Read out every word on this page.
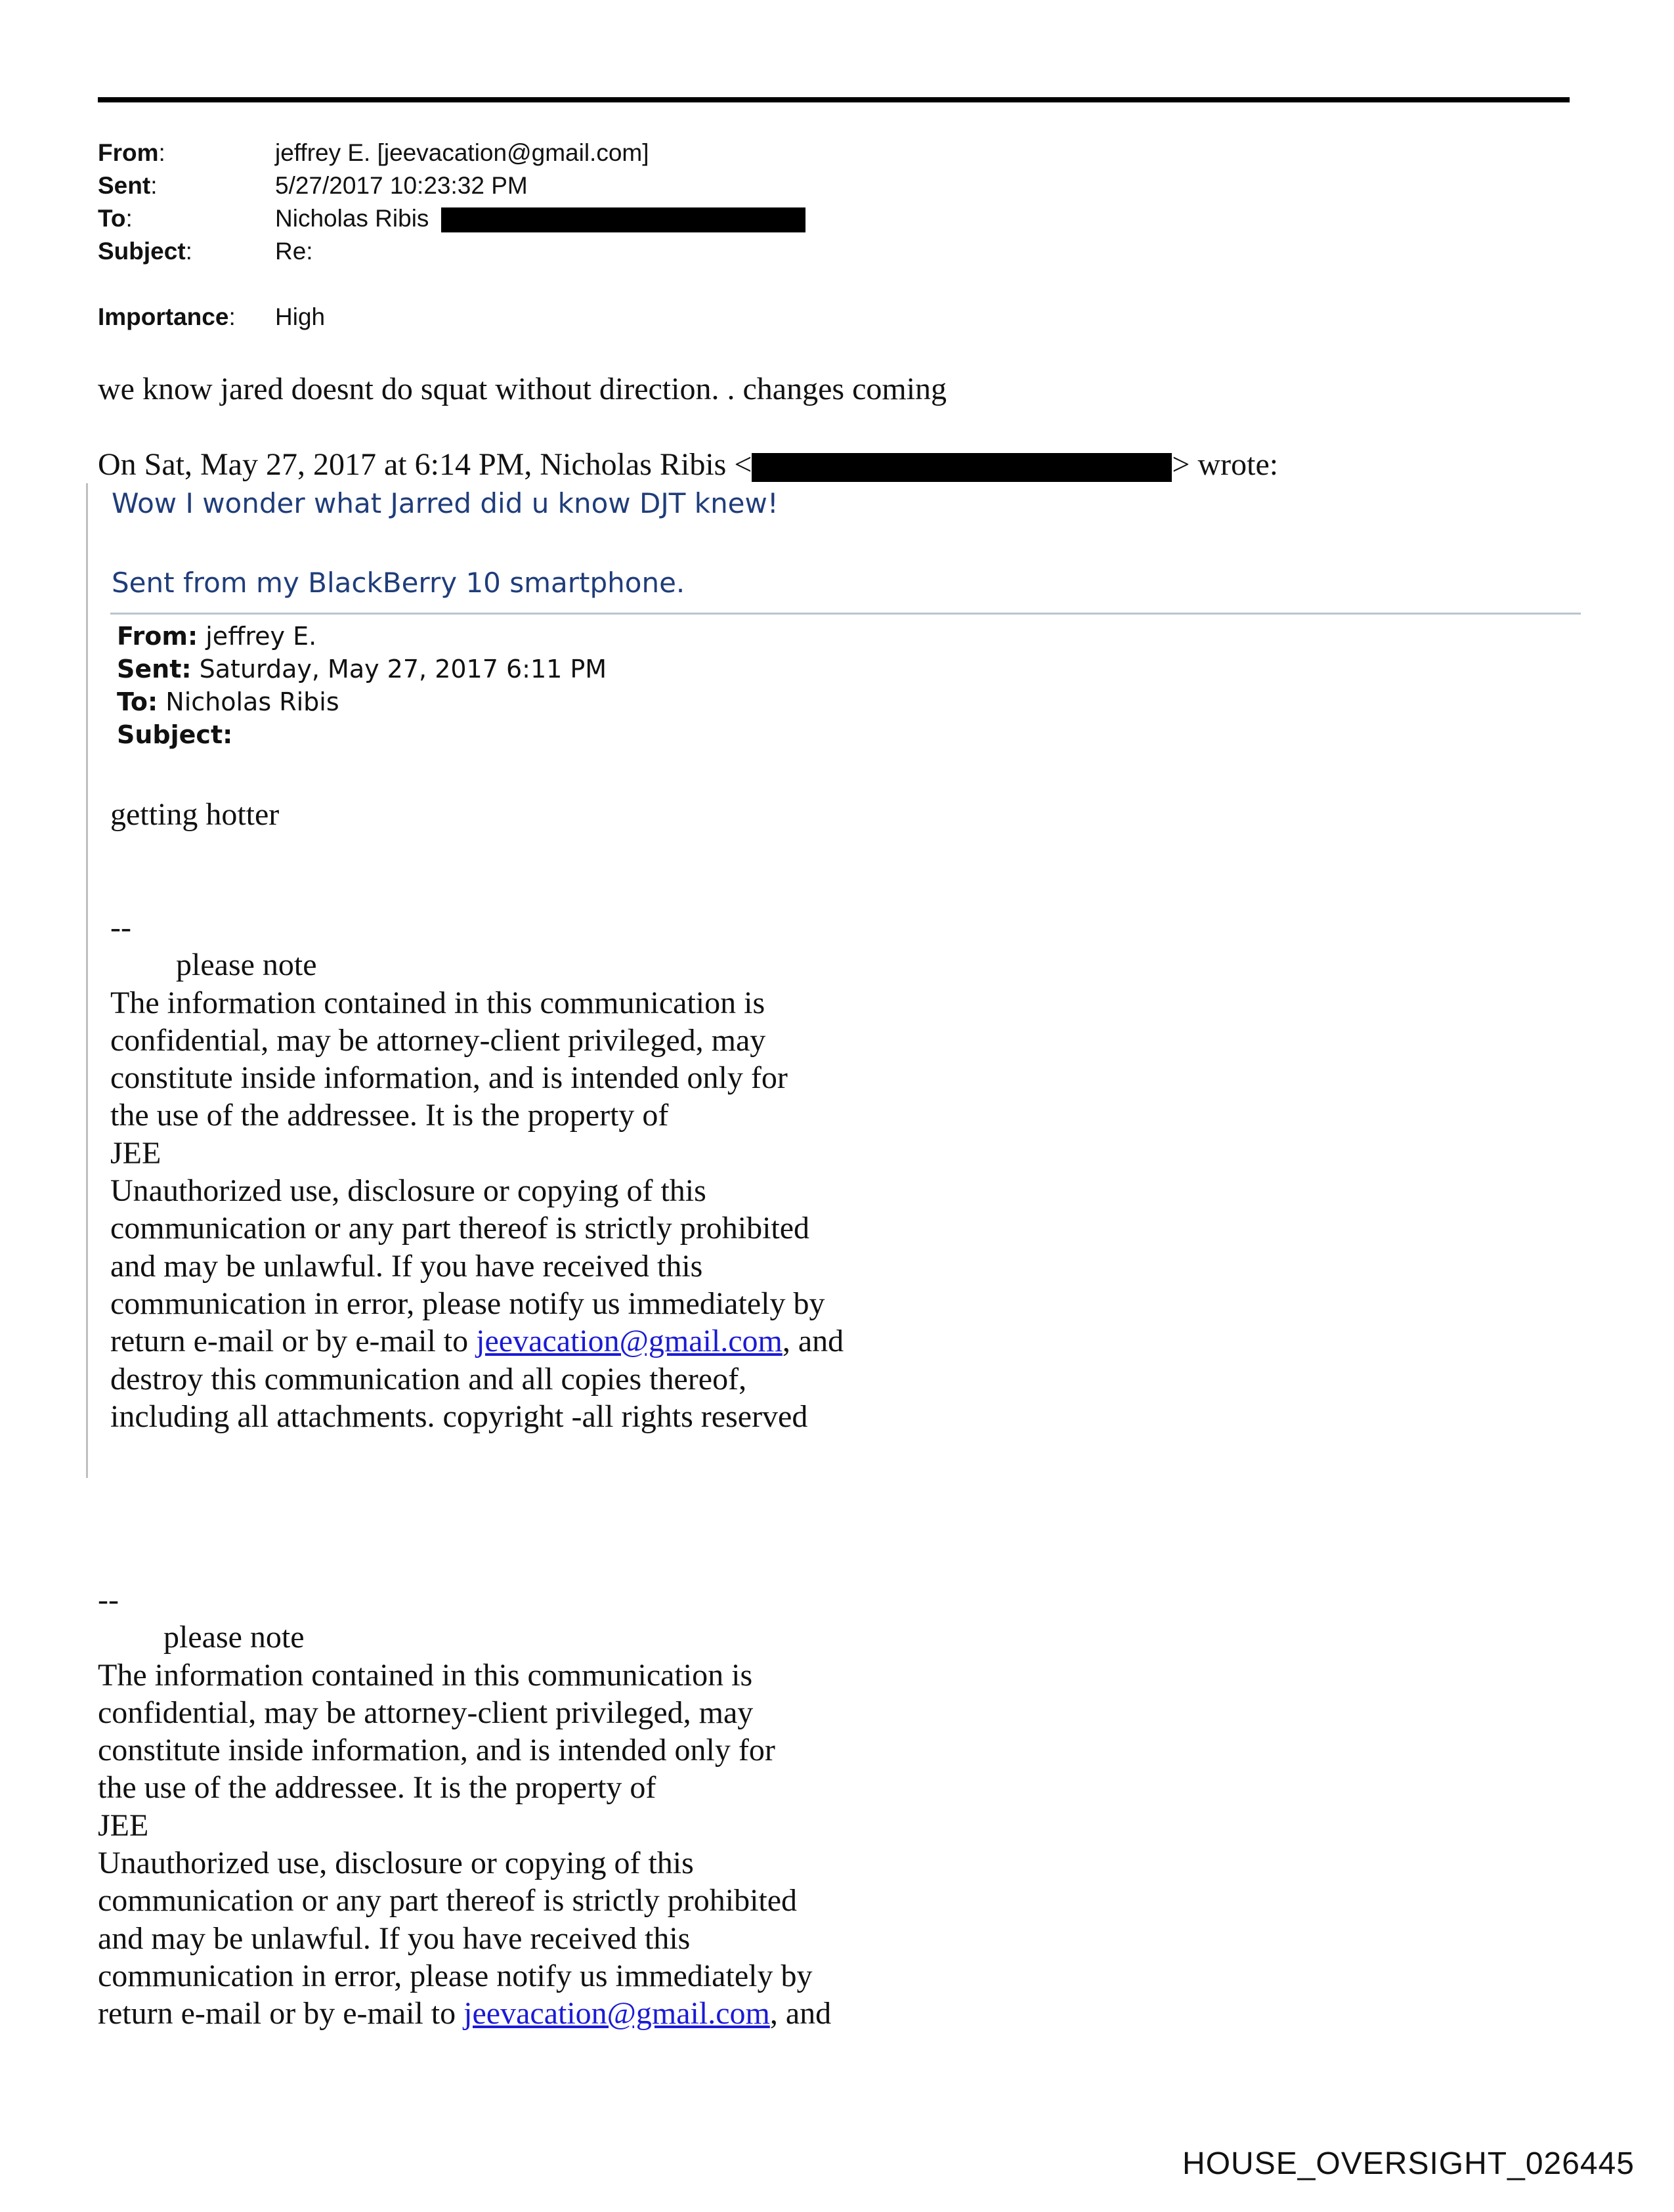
From:	jeffrey E. [jeevacation@gmail.com]
Sent:	5/27/2017 10:23:32 PM
To:	Nicholas Ribis
Subject:	Re:
Importance: High
we know jared doesnt do squat without direction. . changes coming
On Sat, May 27, 2017 at 6:14 PM, Nicholas Ribis <	> wrote:
Wow I wonder what Jarred did u know DJT knew!
Sent from my BlackBerry 10 smartphone.
From: jeffrey E.
Sent: Saturday, May 27, 2017 6:11 PM
To: Nicholas Ribis
Subject:
getting hotter
--
please note
The information contained in this communication is
confidential, may be attorney-client privileged, may
constitute inside information, and is intended only for
the use of the addressee. It is the property of
JEE
Unauthorized use, disclosure or copying of this
communication or any part thereof is strictly prohibited
and may be unlawful. If you have received this
communication in error, please notify us immediately by
return e-mail or by e-mail to jeevacation@gmail.com, and
destroy this communication and all copies thereof,
including all attachments. copyright -all rights reserved
--
please note
The information contained in this communication is
confidential, may be attorney-client privileged, may
constitute inside information, and is intended only for
the use of the addressee. It is the property of
JEE
Unauthorized use, disclosure or copying of this
communication or any part thereof is strictly prohibited
and may be unlawful. If you have received this
communication in error, please notify us immediately by
return e-mail or by e-mail to jeevacation@gmail.com, and
HOUSE_OVERSIGHT_026445
